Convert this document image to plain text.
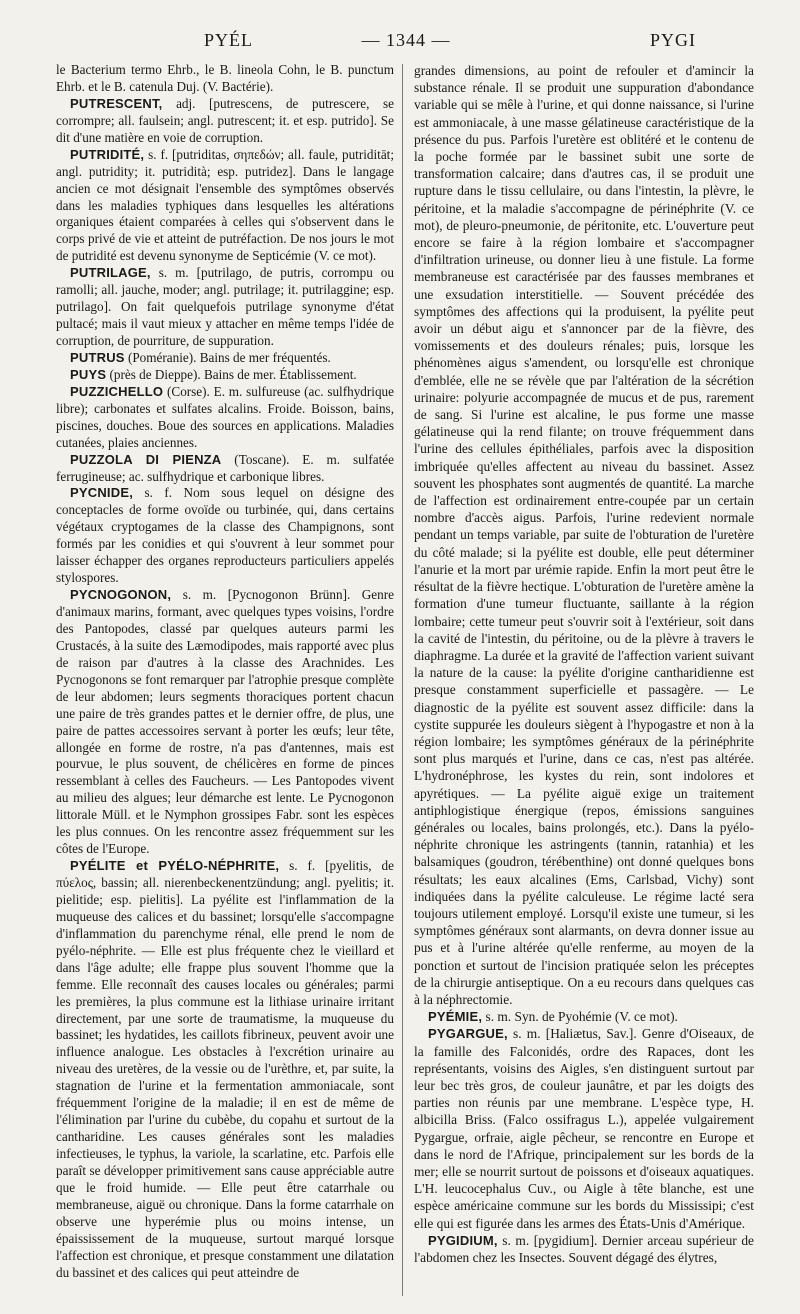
PYÉL	— 1344 —	PYGI

le Bacterium termo Ehrb., le B. lineola Cohn, le B. punctum Ehrb. et le B. catenula Duj. (V. Bactérie).

PUTRESCENT, adj. [putrescens, de putrescere, se corrompre; all. faulsein; angl. putrescent; it. et esp. putrido]. Se dit d'une matière en voie de corruption.

PUTRIDITÉ, s. f. [putriditas, σηπεδών; all. faule, putriditāt; angl. putridity; it. putridità; esp. putridez]. Dans le langage ancien ce mot désignait l'ensemble des symptômes observés dans les maladies typhiques dans lesquelles les altérations organiques étaient comparées à celles qui s'observent dans le corps privé de vie et atteint de putréfaction. De nos jours le mot de putridité est devenu synonyme de Septicémie (V. ce mot).

PUTRILAGE, s. m. [putrilago, de putris, corrompu ou ramolli; all. jauche, moder; angl. putrilage; it. putrilaggine; esp. putrilago]. On fait quelquefois putrilage synonyme d'état pultacé; mais il vaut mieux y attacher en même temps l'idée de corruption, de pourriture, de suppuration.

PUTRUS (Poméranie). Bains de mer fréquentés.

PUYS (près de Dieppe). Bains de mer. Établissement.

PUZZICHELLO (Corse). E. m. sulfureuse (ac. sulfhydrique libre); carbonates et sulfates alcalins. Froide. Boisson, bains, piscines, douches. Boue des sources en applications. Maladies cutanées, plaies anciennes.

PUZZOLA DI PIENZA (Toscane). E. m. sulfatée ferrugineuse; ac. sulfhydrique et carbonique libres.

PYCNIDE, s. f. Nom sous lequel on désigne des conceptacles de forme ovoïde ou turbinée, qui, dans certains végétaux cryptogames de la classe des Champignons, sont formés par les conidies et qui s'ouvrent à leur sommet pour laisser échapper des organes reproducteurs particuliers appelés stylospores.

PYCNOGONON, s. m. [Pycnogonon Brünn]. Genre d'animaux marins, formant, avec quelques types voisins, l'ordre des Pantopodes, classé par quelques auteurs parmi les Crustacés, à la suite des Læmodipodes, mais rapporté avec plus de raison par d'autres à la classe des Arachnides. Les Pycnogonons se font remarquer par l'atrophie presque complète de leur abdomen; leurs segments thoraciques portent chacun une paire de très grandes pattes et le dernier offre, de plus, une paire de pattes accessoires servant à porter les œufs; leur tête, allongée en forme de rostre, n'a pas d'antennes, mais est pourvue, le plus souvent, de chélicères en forme de pinces ressemblant à celles des Faucheurs. — Les Pantopodes vivent au milieu des algues; leur démarche est lente. Le Pycnogonon littorale Müll. et le Nymphon grossipes Fabr. sont les espèces les plus connues. On les rencontre assez fréquemment sur les côtes de l'Europe.

PYÉLITE et PYÉLO-NÉPHRITE, s. f. [pyelitis, de πύελος, bassin; all. nierenbeckenentzündung; angl. pyelitis; it. pielitide; esp. pielitis]. La pyélite est l'inflammation de la muqueuse des calices et du bassinet; lorsqu'elle s'accompagne d'inflammation du parenchyme rénal, elle prend le nom de pyélo-néphrite. — Elle est plus fréquente chez le vieillard et dans l'âge adulte; elle frappe plus souvent l'homme que la femme. Elle reconnaît des causes locales ou générales; parmi les premières, la plus commune est la lithiase urinaire irritant directement, par une sorte de traumatisme, la muqueuse du bassinet; les hydatides, les caillots fibrineux, peuvent avoir une influence analogue. Les obstacles à l'excrétion urinaire au niveau des uretères, de la vessie ou de l'urèthre, et, par suite, la stagnation de l'urine et la fermentation ammoniacale, sont fréquemment l'origine de la maladie; il en est de même de l'élimination par l'urine du cubèbe, du copahu et surtout de la cantharidine. Les causes générales sont les maladies infectieuses, le typhus, la variole, la scarlatine, etc. Parfois elle paraît se développer primitivement sans cause appréciable autre que le froid humide. — Elle peut être catarrhale ou membraneuse, aiguë ou chronique. Dans la forme catarrhale on observe une hyperémie plus ou moins intense, un épaississement de la muqueuse, surtout marqué lorsque l'affection est chronique, et presque constamment une dilatation du bassinet et des calices qui peut atteindre de

grandes dimensions, au point de refouler et d'amincir la substance rénale. Il se produit une suppuration d'abondance variable qui se mêle à l'urine, et qui donne naissance, si l'urine est ammoniacale, à une masse gélatineuse caractéristique de la présence du pus. Parfois l'uretère est oblitéré et le contenu de la poche formée par le bassinet subit une sorte de transformation calcaire; dans d'autres cas, il se produit une rupture dans le tissu cellulaire, ou dans l'intestin, la plèvre, le péritoine, et la maladie s'accompagne de périnéphrite (V. ce mot), de pleuro-pneumonie, de péritonite, etc. L'ouverture peut encore se faire à la région lombaire et s'accompagner d'infiltration urineuse, ou donner lieu à une fistule. La forme membraneuse est caractérisée par des fausses membranes et une exsudation interstitielle. — Souvent précédée des symptômes des affections qui la produisent, la pyélite peut avoir un début aigu et s'annoncer par de la fièvre, des vomissements et des douleurs rénales; puis, lorsque les phénomènes aigus s'amendent, ou lorsqu'elle est chronique d'emblée, elle ne se révèle que par l'altération de la sécrétion urinaire: polyurie accompagnée de mucus et de pus, rarement de sang. Si l'urine est alcaline, le pus forme une masse gélatineuse qui la rend filante; on trouve fréquemment dans l'urine des cellules épithéliales, parfois avec la disposition imbriquée qu'elles affectent au niveau du bassinet. Assez souvent les phosphates sont augmentés de quantité. La marche de l'affection est ordinairement entre-coupée par un certain nombre d'accès aigus. Parfois, l'urine redevient normale pendant un temps variable, par suite de l'obturation de l'uretère du côté malade; si la pyélite est double, elle peut déterminer l'anurie et la mort par urémie rapide. Enfin la mort peut être le résultat de la fièvre hectique. L'obturation de l'uretère amène la formation d'une tumeur fluctuante, saillante à la région lombaire; cette tumeur peut s'ouvrir soit à l'extérieur, soit dans la cavité de l'intestin, du péritoine, ou de la plèvre à travers le diaphragme. La durée et la gravité de l'affection varient suivant la nature de la cause: la pyélite d'origine cantharidienne est presque constamment superficielle et passagère. — Le diagnostic de la pyélite est souvent assez difficile: dans la cystite suppurée les douleurs siègent à l'hypogastre et non à la région lombaire; les symptômes généraux de la périnéphrite sont plus marqués et l'urine, dans ce cas, n'est pas altérée. L'hydronéphrose, les kystes du rein, sont indolores et apyrétiques. — La pyélite aiguë exige un traitement antiphlogistique énergique (repos, émissions sanguines générales ou locales, bains prolongés, etc.). Dans la pyélo-néphrite chronique les astringents (tannin, ratanhia) et les balsamiques (goudron, térébenthine) ont donné quelques bons résultats; les eaux alcalines (Ems, Carlsbad, Vichy) sont indiquées dans la pyélite calculeuse. Le régime lacté sera toujours utilement employé. Lorsqu'il existe une tumeur, si les symptômes généraux sont alarmants, on devra donner issue au pus et à l'urine altérée qu'elle renferme, au moyen de la ponction et surtout de l'incision pratiquée selon les préceptes de la chirurgie antiseptique. On a eu recours dans quelques cas à la néphrectomie.

PYÉMIE, s. m. Syn. de Pyohémie (V. ce mot).

PYGARGUE, s. m. [Haliætus, Sav.]. Genre d'Oiseaux, de la famille des Falconidés, ordre des Rapaces, dont les représentants, voisins des Aigles, s'en distinguent surtout par leur bec très gros, de couleur jaunâtre, et par les doigts des parties non réunis par une membrane. L'espèce type, H. albicilla Briss. (Falco ossifragus L.), appelée vulgairement Pygargue, orfraie, aigle pêcheur, se rencontre en Europe et dans le nord de l'Afrique, principalement sur les bords de la mer; elle se nourrit surtout de poissons et d'oiseaux aquatiques. L'H. leucocephalus Cuv., ou Aigle à tête blanche, est une espèce américaine commune sur les bords du Mississipi; c'est elle qui est figurée dans les armes des États-Unis d'Amérique.

PYGIDIUM, s. m. [pygidium]. Dernier arceau supérieur de l'abdomen chez les Insectes. Souvent dégagé des élytres,
